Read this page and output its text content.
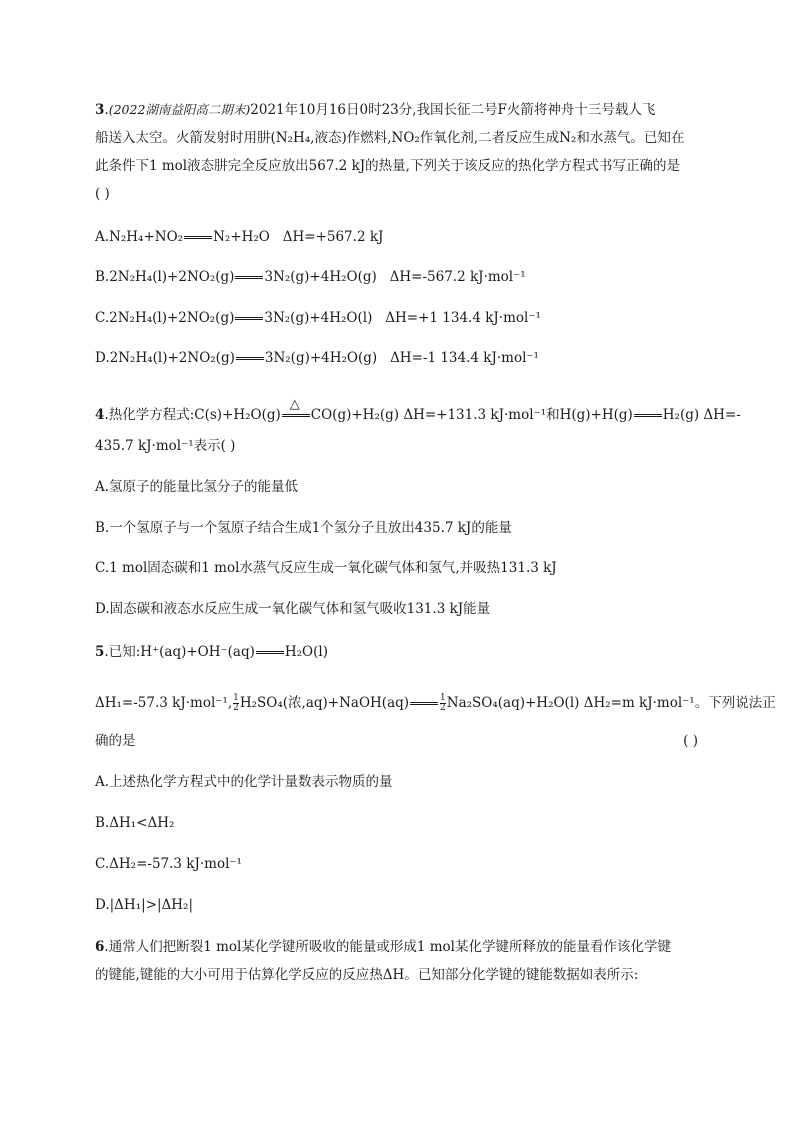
3.(2022湖南益阳高二期末)2021年10月16日0时23分,我国长征二号F火箭将神舟十三号载人飞
船送入太空。火箭发射时用肼(N₂H₄,液态)作燃料,NO₂作氧化剂,二者反应生成N₂和水蒸气。已知在
此条件下1 mol液态肼完全反应放出567.2 kJ的热量,下列关于该反应的热化学方程式书写正确的是
( )
A.N₂H₄+NO₂ N₂+H₂O ΔH=+567.2 kJ
B.2N₂H₄(l)+2NO₂(g) 3N₂(g)+4H₂O(g) ΔH=-567.2 kJ·mol⁻¹
C.2N₂H₄(l)+2NO₂(g) 3N₂(g)+4H₂O(l) ΔH=+1 134.4 kJ·mol⁻¹
D.2N₂H₄(l)+2NO₂(g) 3N₂(g)+4H₂O(g) ΔH=-1 134.4 kJ·mol⁻¹
4.热化学方程式:C(s)+H₂O(g)
△
CO(g)+H₂(g) ΔH=+131.3 kJ·mol⁻¹和H(g)+H(g) H₂(g) ΔH=-
435.7 kJ·mol⁻¹表示( )
A.氢原子的能量比氢分子的能量低
B.一个氢原子与一个氢原子结合生成1个氢分子且放出435.7 kJ的能量
C.1 mol固态碳和1 mol水蒸气反应生成一氧化碳气体和氢气,并吸热131.3 kJ
D.固态碳和液态水反应生成一氧化碳气体和氢气吸收131.3 kJ能量
5.已知:H⁺(aq)+OH⁻(aq) H₂O(l)
ΔH₁=-57.3 kJ·mol⁻¹, $\frac{1}{2} H_2SO_4$(浓,aq)+NaOH(aq)	$\frac{1}{2} Na_2SO_4(aq)+H_2O(l)$ ΔH₂=m kJ·mol⁻¹。下列说法正
确的是	( )
A.上述热化学方程式中的化学计量数表示物质的量
B.ΔH₁<ΔH₂
C.ΔH₂=-57.3 kJ·mol⁻¹
D.|ΔH₁|>|ΔH₂|
6.通常人们把断裂1 mol某化学键所吸收的能量或形成1 mol某化学键所释放的能量看作该化学键
的键能,键能的大小可用于估算化学反应的反应热ΔH。已知部分化学键的键能数据如表所示:
